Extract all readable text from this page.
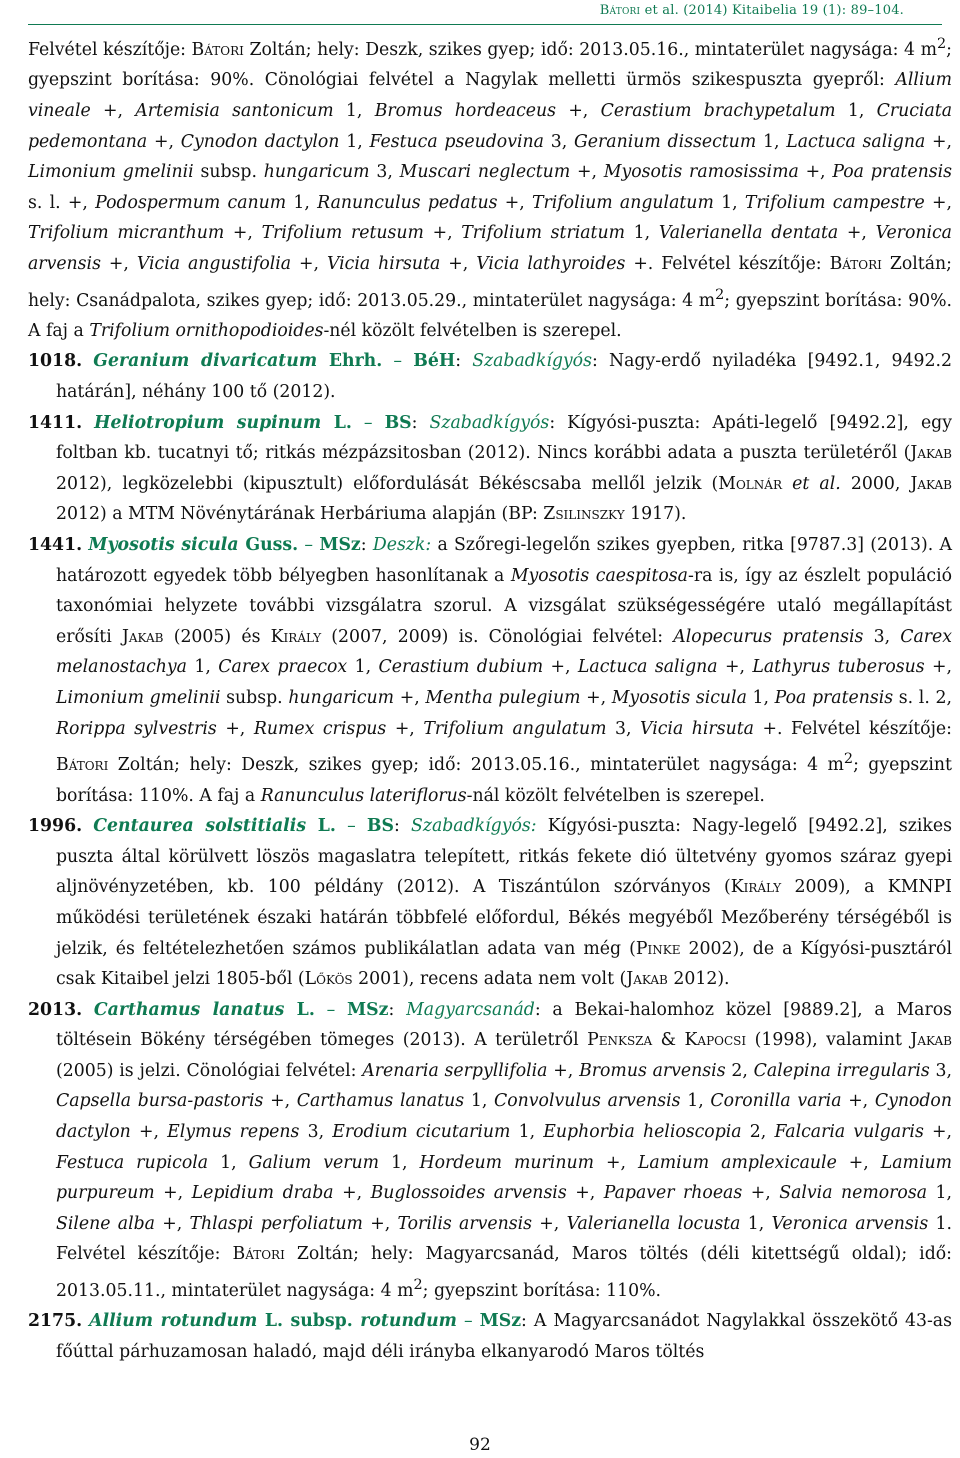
Bátori et al. (2014) Kitaibelia 19 (1): 89–104.

Felvétel készítője: Bátori Zoltán; hely: Deszk, szikes gyep; idő: 2013.05.16., mintaterület nagysága: 4 $m^2$; gyepszint borítása: 90%. Cönológiai felvétel a Nagylak melletti ürmös szikespuszta gyepről: Allium vineale +, Artemisia santonicum 1, Bromus hordeaceus +, Cerastium brachypetalum 1, Cruciata pedemontana +, Cynodon dactylon 1, Festuca pseudovina 3, Geranium dissectum 1, Lactuca saligna +, Limonium gmelinii subsp. hungaricum 3, Muscari neglectum +, Myosotis ramosissima +, Poa pratensis s. l. +, Podospermum canum 1, Ranunculus pedatus +, Trifolium angulatum 1, Trifolium campestre +, Trifolium micranthum +, Trifolium retusum +, Trifolium striatum 1, Valerianella dentata +, Veronica arvensis +, Vicia angustifolia +, Vicia hirsuta +, Vicia lathyroides +. Felvétel készítője: Bátori Zoltán; hely: Csanádpalota, szikes gyep; idő: 2013.05.29., mintaterület nagysága: 4 $m^2$; gyepszint borítása: 90%. A faj a Trifolium ornithopodioides-nél közölt felvételben is szerepel.

1018. Geranium divaricatum Ehrh. – BéH: Szabadkígyós: Nagy-erdő nyiladéka [9492.1, 9492.2 határán], néhány 100 tő (2012).

1411. Heliotropium supinum L. – BS: Szabadkígyós: Kígyósi-puszta: Apáti-legelő [9492.2], egy foltban kb. tucatnyi tő; ritkás mézpázsitosban (2012). Nincs korábbi adata a puszta területéről (Jakab 2012), legközelebbi (kipusztult) előfordulását Békéscsaba mellől jelzik (Molnár et al. 2000, Jakab 2012) a MTM Növénytárának Herbáriuma alapján (BP: Zsilinszky 1917).

1441. Myosotis sicula Guss. – MSz: Deszk: a Szőregi-legelőn szikes gyepben, ritka [9787.3] (2013). A határozott egyedek több bélyegben hasonlítanak a Myosotis caespitosa-ra is, így az észlelt populáció taxonómiai helyzete további vizsgálatra szorul. A vizsgálat szükségességére utaló megállapítást erősíti Jakab (2005) és Király (2007, 2009) is. Cönológiai felvétel: Alopecurus pratensis 3, Carex melanostachya 1, Carex praecox 1, Cerastium dubium +, Lactuca saligna +, Lathyrus tuberosus +, Limonium gmelinii subsp. hungaricum +, Mentha pulegium +, Myosotis sicula 1, Poa pratensis s. l. 2, Rorippa sylvestris +, Rumex crispus +, Trifolium angulatum 3, Vicia hirsuta +. Felvétel készítője: Bátori Zoltán; hely: Deszk, szikes gyep; idő: 2013.05.16., mintaterület nagysága: 4 $m^2$; gyepszint borítása: 110%. A faj a Ranunculus lateriflorus-nál közölt felvételben is szerepel.

1996. Centaurea solstitialis L. – BS: Szabadkígyós: Kígyósi-puszta: Nagy-legelő [9492.2], szikes puszta által körülvett löszös magaslatra telepített, ritkás fekete dió ültetvény gyomos száraz gyepi aljnövényzetében, kb. 100 példány (2012). A Tiszántúlon szórványos (Király 2009), a KMNPI működési területének északi határán többfelé előfordul, Békés megyéből Mezőberény térségéből is jelzik, és feltételezhetően számos publikálatlan adata van még (Pinke 2002), de a Kígyósi-pusztáról csak Kitaibel jelzi 1805-ből (Lőkös 2001), recens adata nem volt (Jakab 2012).

2013. Carthamus lanatus L. – MSz: Magyarcsanád: a Bekai-halomhoz közel [9889.2], a Maros töltésein Bökény térségében tömeges (2013). A területről Penksza & Kapocsi (1998), valamint Jakab (2005) is jelzi. Cönológiai felvétel: Arenaria serpyllifolia +, Bromus arvensis 2, Calepina irregularis 3, Capsella bursa-pastoris +, Carthamus lanatus 1, Convolvulus arvensis 1, Coronilla varia +, Cynodon dactylon +, Elymus repens 3, Erodium cicutarium 1, Euphorbia helioscopia 2, Falcaria vulgaris +, Festuca rupicola 1, Galium verum 1, Hordeum murinum +, Lamium amplexicaule +, Lamium purpureum +, Lepidium draba +, Buglossoides arvensis +, Papaver rhoeas +, Salvia nemorosa 1, Silene alba +, Thlaspi perfoliatum +, Torilis arvensis +, Valerianella locusta 1, Veronica arvensis 1. Felvétel készítője: Bátori Zoltán; hely: Magyarcsanád, Maros töltés (déli kitettségű oldal); idő: 2013.05.11., mintaterület nagysága: 4 $m^2$; gyepszint borítása: 110%.

2175. Allium rotundum L. subsp. rotundum – MSz: A Magyarcsanádot Nagylakkal összekötő 43-as főúttal párhuzamosan haladó, majd déli irányba elkanyarodó Maros töltés

92
